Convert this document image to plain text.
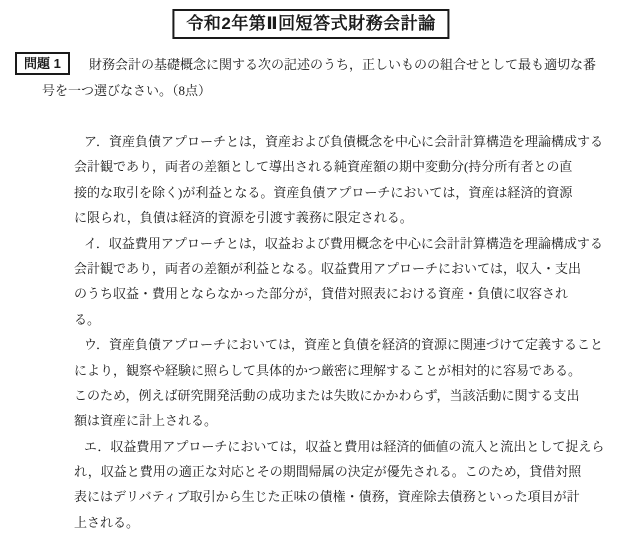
令和2年第Ⅱ回短答式財務会計論
問題 1	財務会計の基礎概念に関する次の記述のうち，正しいものの組合せとして最も適切な番
号を一つ選びなさい。（8点）
ア．資産負債アプローチとは，資産および負債概念を中心に会計計算構造を理論構成する
会計観であり，両者の差額として導出される純資産額の期中変動分(持分所有者との直
接的な取引を除く)が利益となる。資産負債アプローチにおいては，資産は経済的資源
に限られ，負債は経済的資源を引渡す義務に限定される。
イ．収益費用アプローチとは，収益および費用概念を中心に会計計算構造を理論構成する
会計観であり，両者の差額が利益となる。収益費用アプローチにおいては，収入・支出
のうち収益・費用とならなかった部分が，貸借対照表における資産・負債に収容され
る。
ウ．資産負債アプローチにおいては，資産と負債を経済的資源に関連づけて定義すること
により，観察や経験に照らして具体的かつ厳密に理解することが相対的に容易である。
このため，例えば研究開発活動の成功または失敗にかかわらず，当該活動に関する支出
額は資産に計上される。
エ．収益費用アプローチにおいては，収益と費用は経済的価値の流入と流出として捉えら
れ，収益と費用の適正な対応とその期間帰属の決定が優先される。このため，貸借対照
表にはデリバティブ取引から生じた正味の債権・債務，資産除去債務といった項目が計
上される。
